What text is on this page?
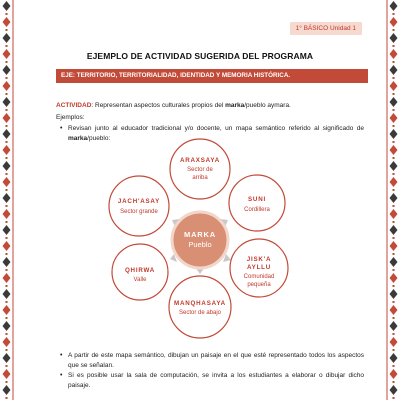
1° BÁSICO Unidad 1
EJEMPLO DE ACTIVIDAD SUGERIDA DEL PROGRAMA
EJE: TERRITORIO, TERRITORIALIDAD, IDENTIDAD Y MEMORIA HISTÓRICA.
ACTIVIDAD: Representan aspectos culturales propios del marka/pueblo aymara.
Ejemplos:
• Revisan junto al educador tradicional y/o docente, un mapa semántico referido al significado de marka/pueblo:
MARKA
Pueblo
ARAXSAYA
Sector de
arriba
SUNI
Cordillera
JISK'A AYLLU
Comunidad
pequeña
MANQHASAYA
Sector de abajo
QHIRWA
Valle
JACH'ASAY
Sector grande
• A partir de este mapa semántico, dibujan un paisaje en el que esté representado todos los aspectos que se señalan.
• Si es posible usar la sala de computación, se invita a los estudiantes a elaborar o dibujar dicho paisaje.
